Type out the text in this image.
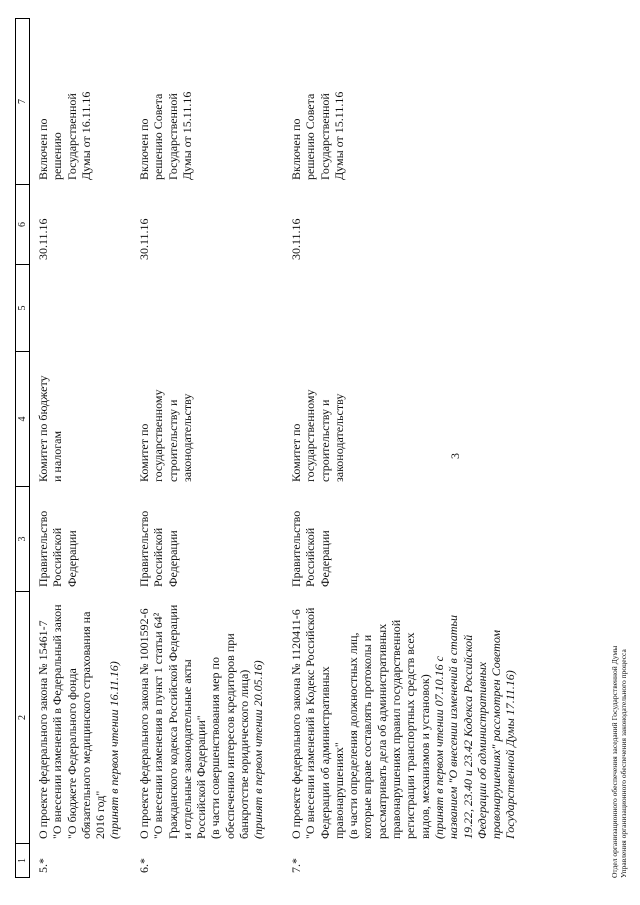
3
1
2
3
4
5
6
7
5.*
О проекте федерального закона № 15461-7 "О внесении изменений в Федеральный закон "О бюджете Федерального фонда обязательного медицинского страхования на 2016 год" (принят в первом чтении 16.11.16)
Правительство Российской Федерации
Комитет по бюджету и налогам
30.11.16
Включен по решению Государственной Думы от 16.11.16
6.*
О проекте федерального закона № 1001592-6 "О внесении изменения в пункт 1 статьи 64² Гражданского кодекса Российской Федерации и отдельные законодательные акты Российской Федерации" (в части совершенствования мер по обеспечению интересов кредиторов при банкротстве юридического лица) (принят в первом чтении 20.05.16)
Правительство Российской Федерации
Комитет по государственному строительству и законодательству
30.11.16
Включен по решению Совета Государственной Думы от 15.11.16
7.*
О проекте федерального закона № 1120411-6 "О внесении изменений в Кодекс Российской Федерации об административных правонарушениях" (в части определения должностных лиц, которые вправе составлять протоколы и рассматривать дела об административных правонарушениях правил государственной регистрации транспортных средств всех видов, механизмов и установок) (принят в первом чтении 07.10.16 с названием "О внесении изменений в статьи 19.22, 23.40 и 23.42 Кодекса Российской Федерации об административных правонарушениях" рассмотрен Советом Государственной Думы 17.11.16)
Правительство Российской Федерации
Комитет по государственному строительству и законодательству
30.11.16
Включен по решению Совета Государственной Думы от 15.11.16
Отдел организационного обеспечения заседаний Государственной Думы Управления организационного обеспечения законодательного процесса
